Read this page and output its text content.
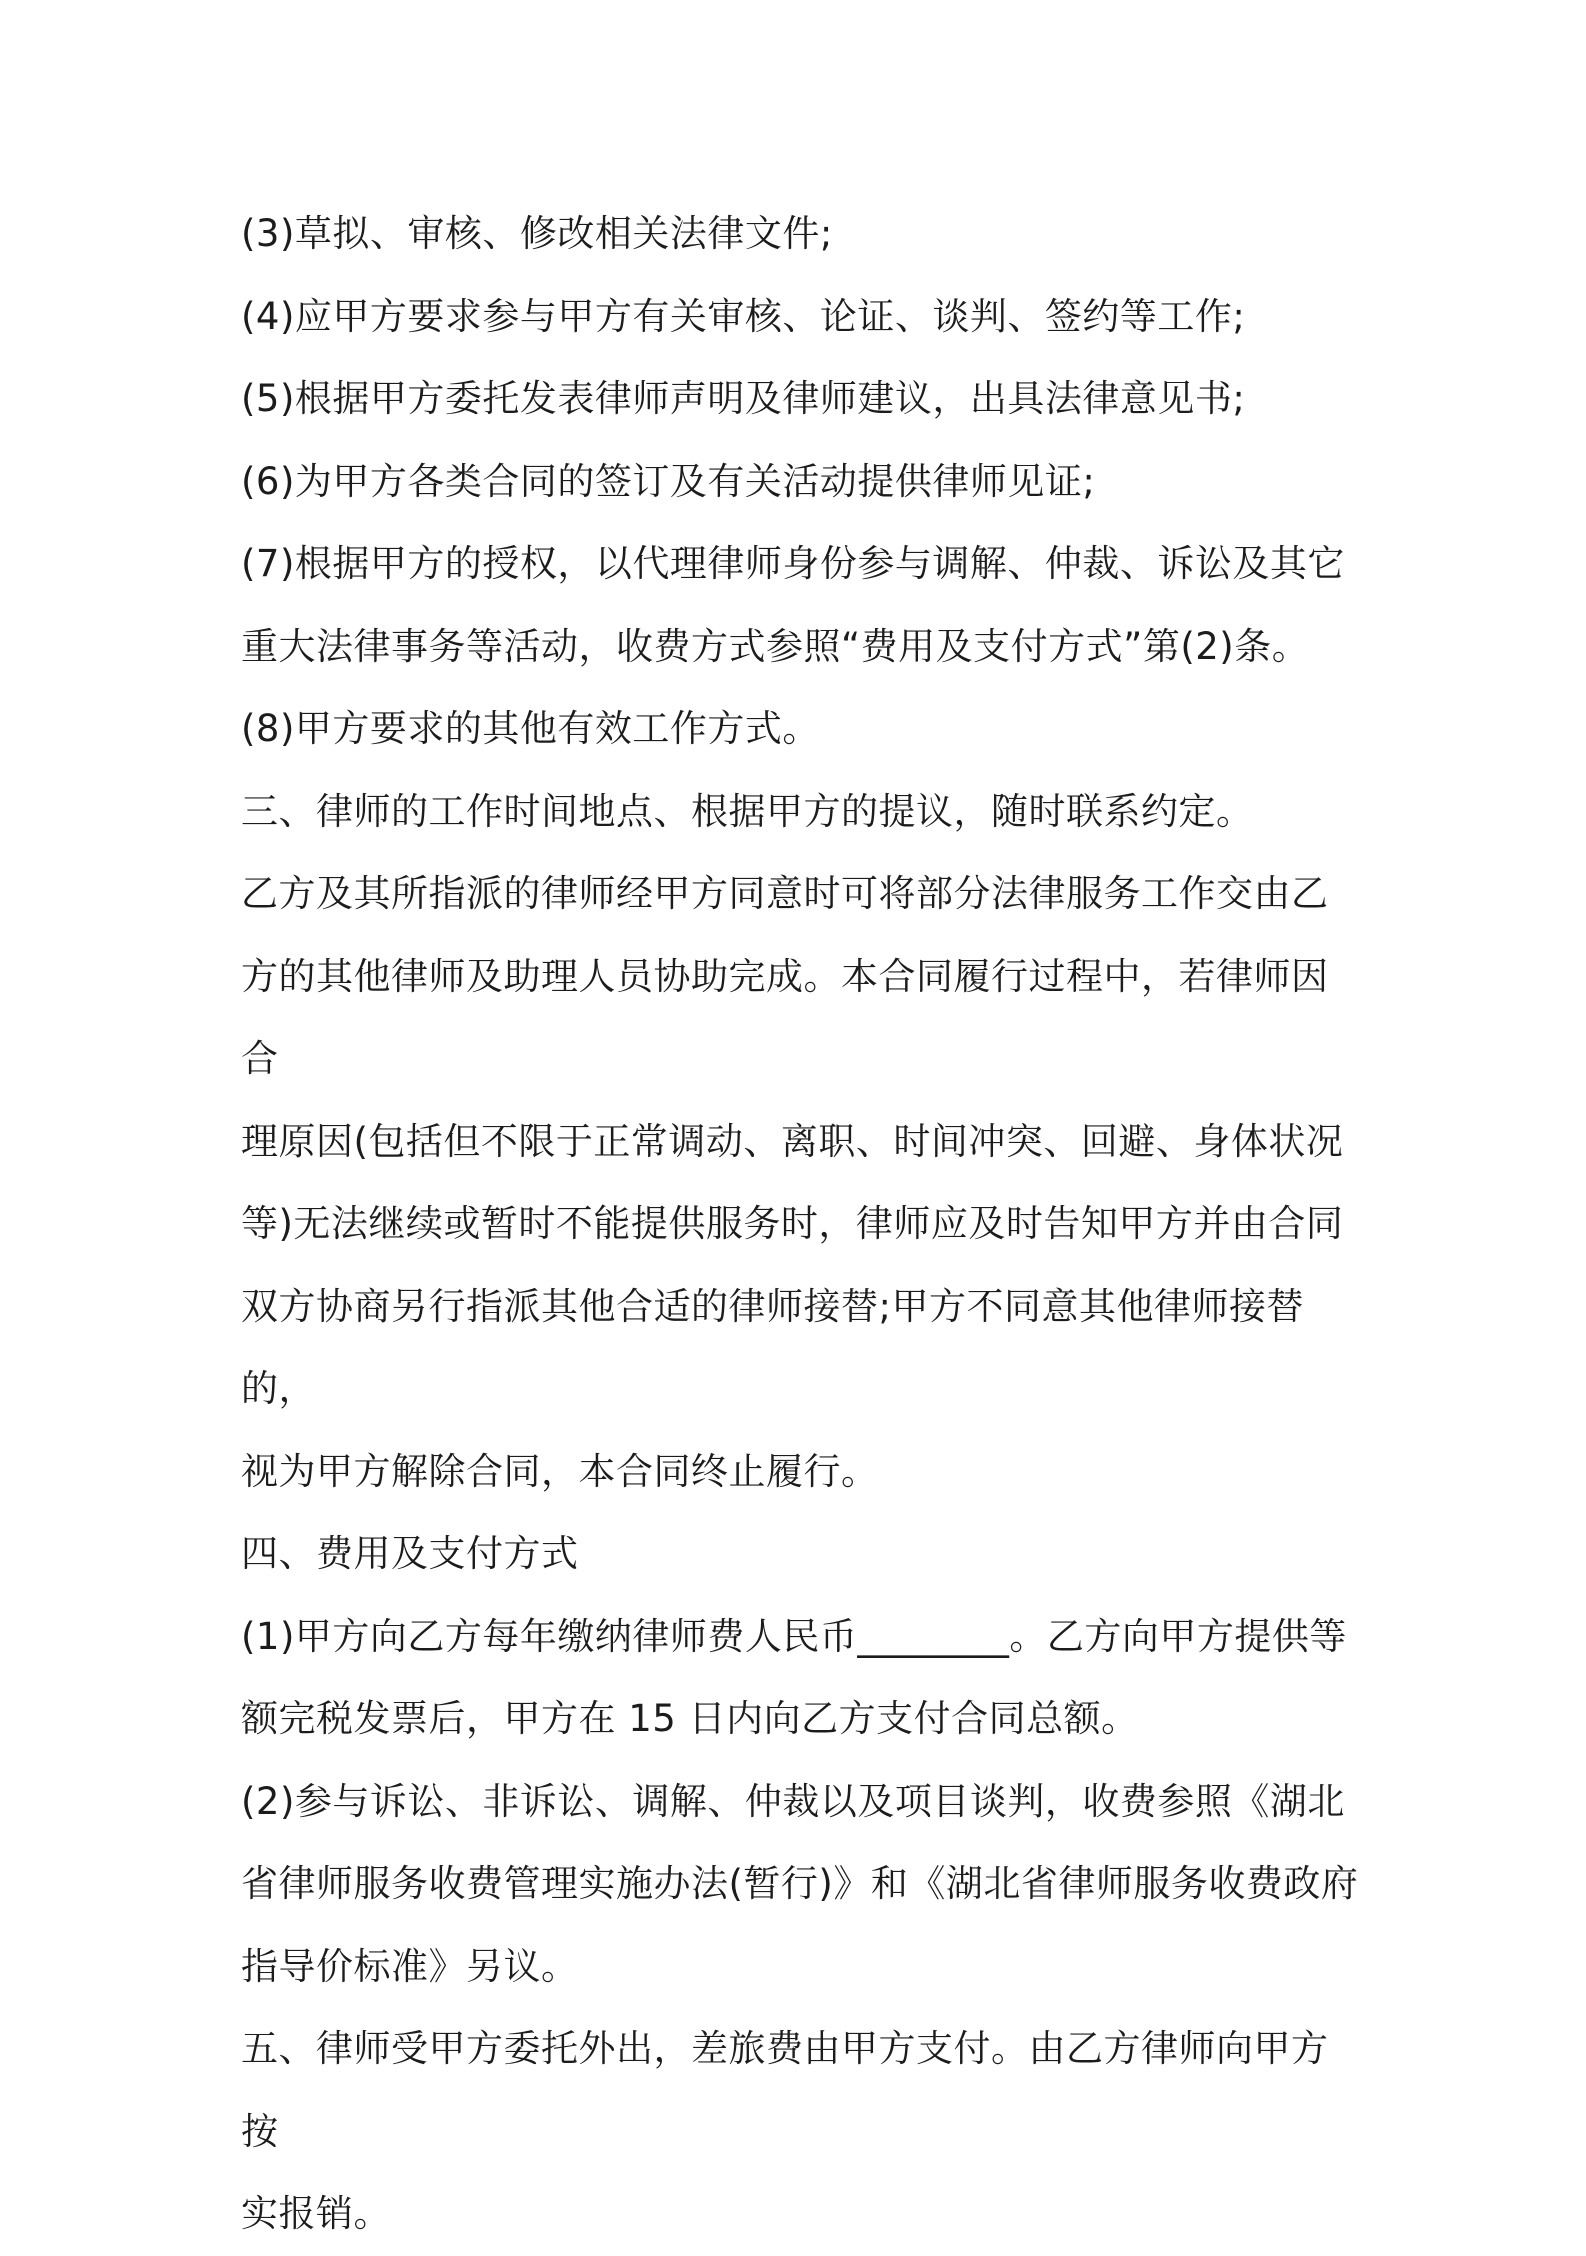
(3)草拟、审核、修改相关法律文件;

(4)应甲方要求参与甲方有关审核、论证、谈判、签约等工作;

(5)根据甲方委托发表律师声明及律师建议，出具法律意见书;

(6)为甲方各类合同的签订及有关活动提供律师见证;

(7)根据甲方的授权，以代理律师身份参与调解、仲裁、诉讼及其它
重大法律事务等活动，收费方式参照“费用及支付方式”第(2)条。

(8)甲方要求的其他有效工作方式。

三、律师的工作时间地点、根据甲方的提议，随时联系约定。

乙方及其所指派的律师经甲方同意时可将部分法律服务工作交由乙
方的其他律师及助理人员协助完成。本合同履行过程中，若律师因合
理原因(包括但不限于正常调动、离职、时间冲突、回避、身体状况
等)无法继续或暂时不能提供服务时，律师应及时告知甲方并由合同
双方协商另行指派其他合适的律师接替;甲方不同意其他律师接替的，
视为甲方解除合同，本合同终止履行。

四、费用及支付方式

(1)甲方向乙方每年缴纳律师费人民币________。乙方向甲方提供等
额完税发票后，甲方在 15 日内向乙方支付合同总额。

(2)参与诉讼、非诉讼、调解、仲裁以及项目谈判，收费参照《湖北
省律师服务收费管理实施办法(暂行)》和《湖北省律师服务收费政府
指导价标准》另议。

五、律师受甲方委托外出，差旅费由甲方支付。由乙方律师向甲方按
实报销。
